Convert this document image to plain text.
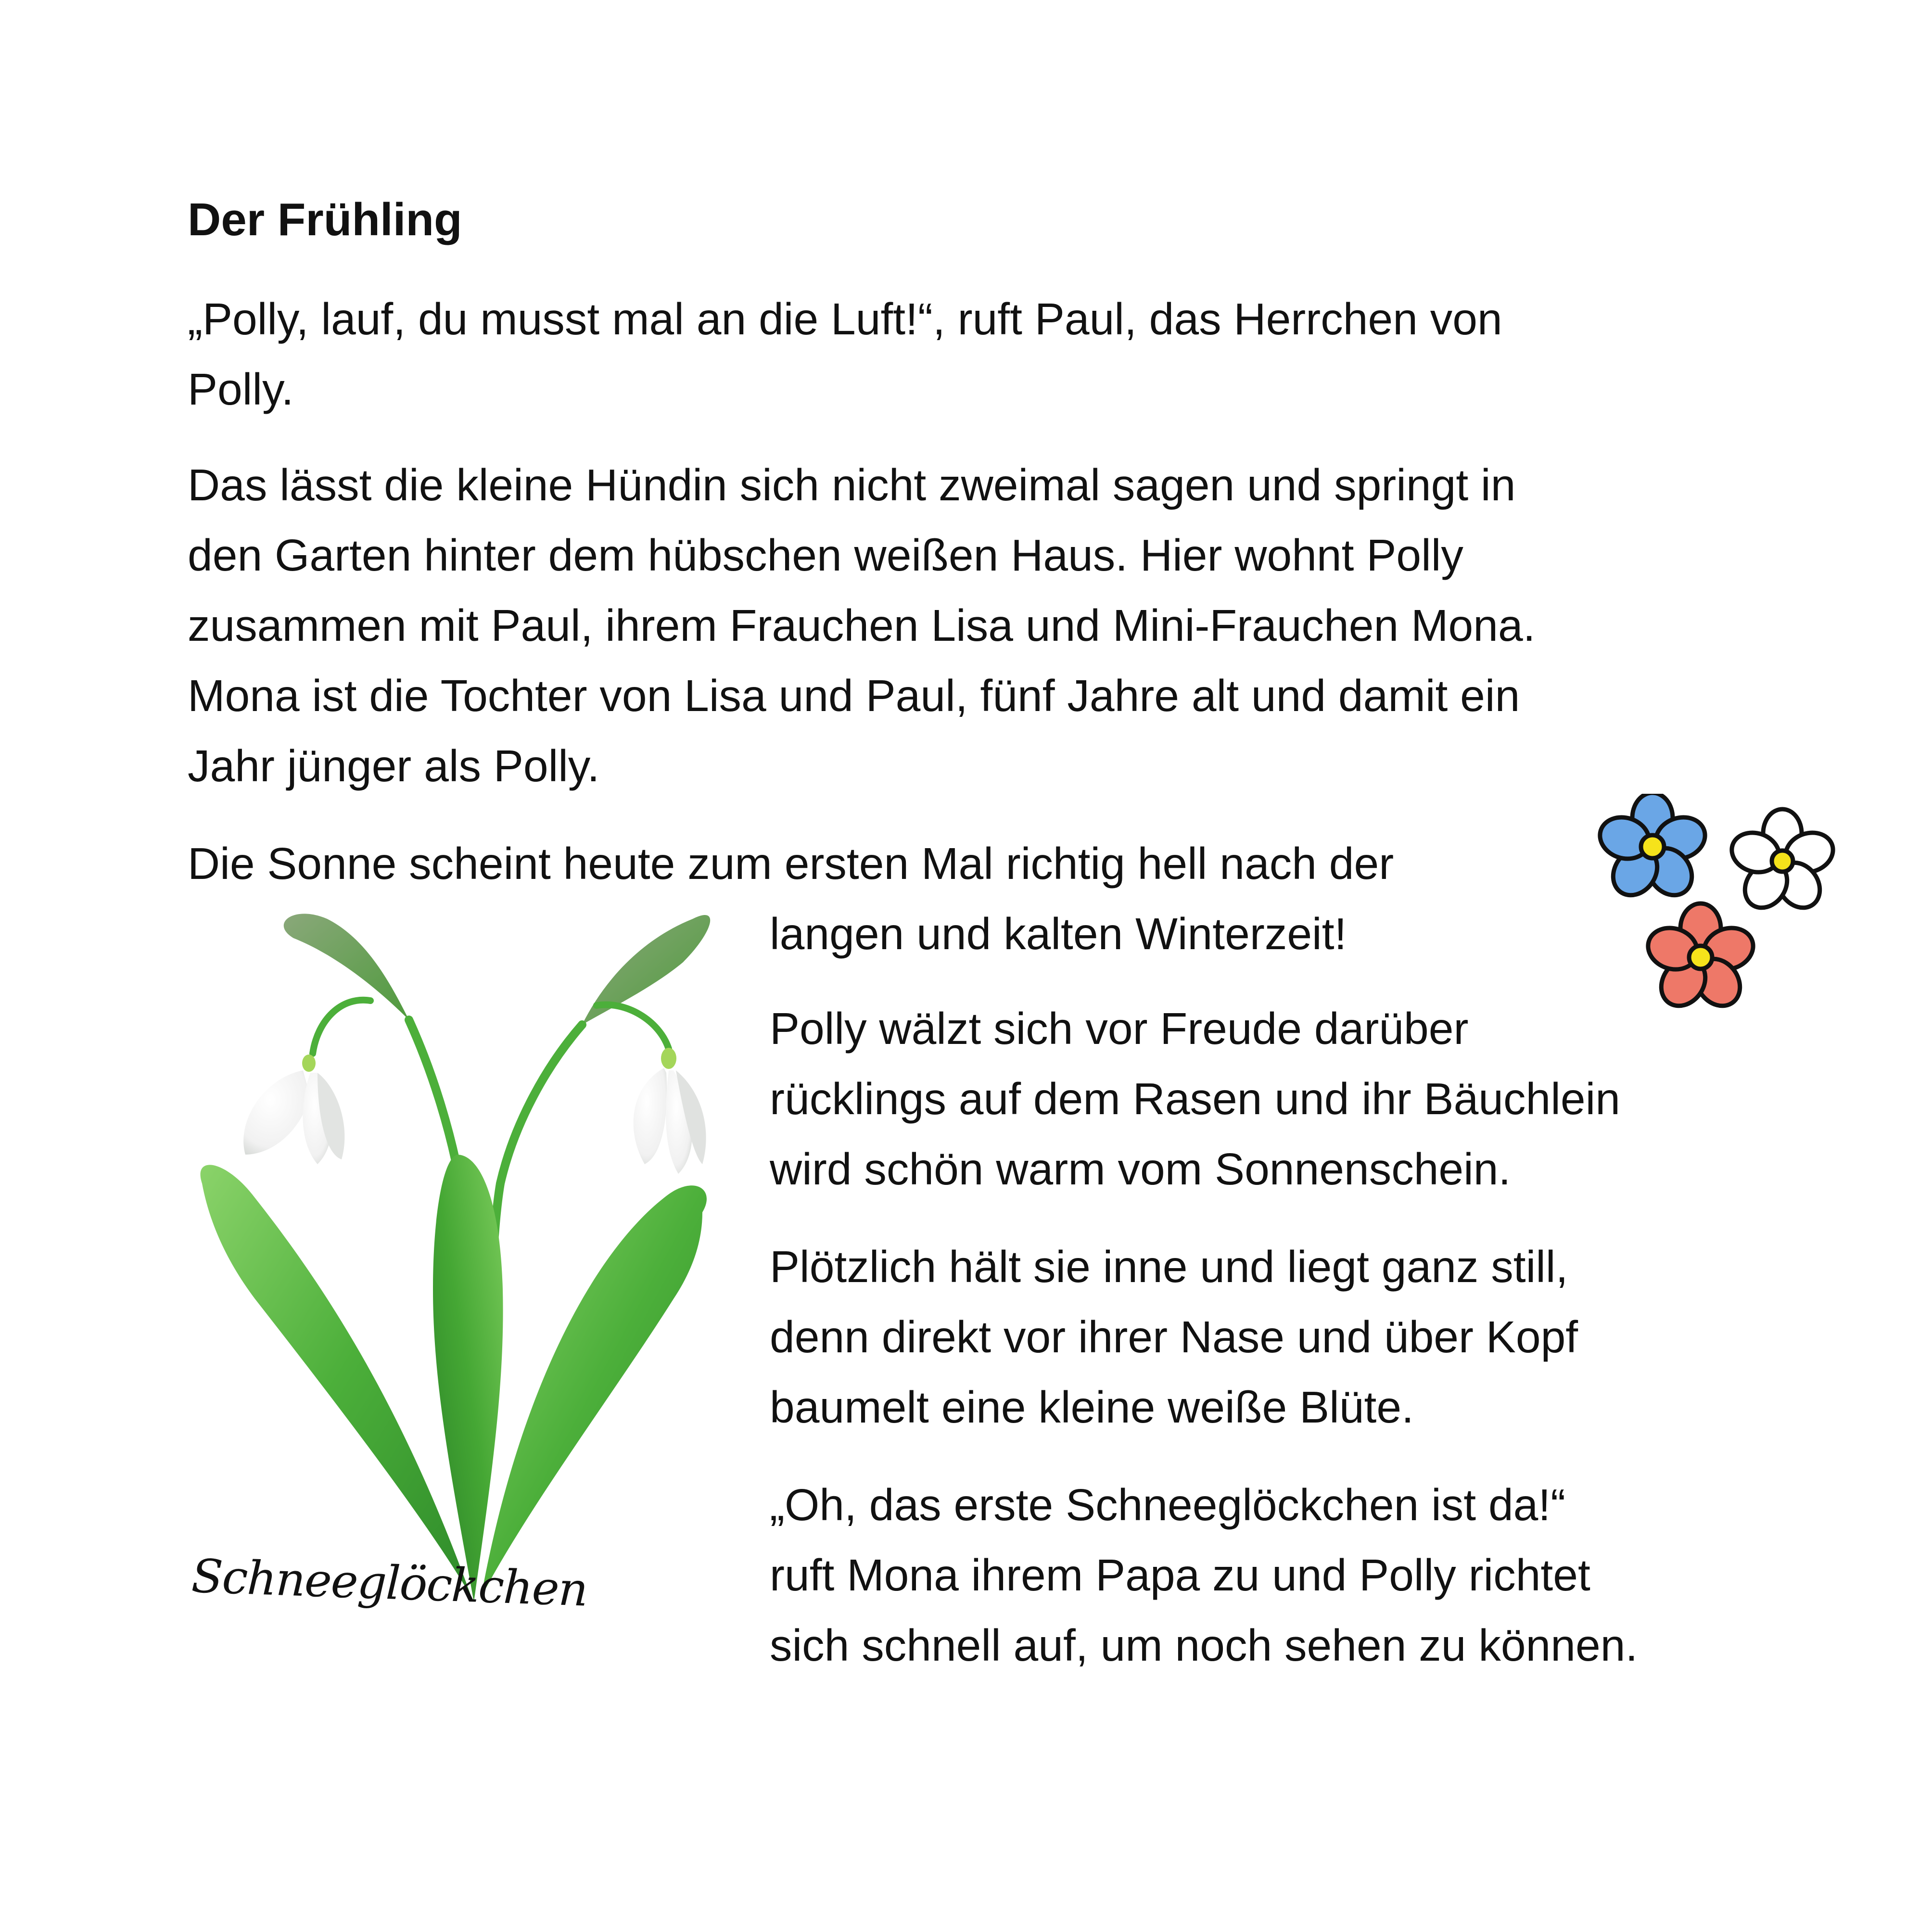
Der Frühling

„Polly, lauf, du musst mal an die Luft!“, ruft Paul, das Herrchen von
Polly.

Das lässt die kleine Hündin sich nicht zweimal sagen und springt in
den Garten hinter dem hübschen weißen Haus. Hier wohnt Polly
zusammen mit Paul, ihrem Frauchen Lisa und Mini-Frauchen Mona.
Mona ist die Tochter von Lisa und Paul, fünf Jahre alt und damit ein
Jahr jünger als Polly.

Die Sonne scheint heute zum ersten Mal richtig hell nach der

langen und kalten Winterzeit!

Polly wälzt sich vor Freude darüber
rücklings auf dem Rasen und ihr Bäuchlein
wird schön warm vom Sonnenschein.

Plötzlich hält sie inne und liegt ganz still,
denn direkt vor ihrer Nase und über Kopf
baumelt eine kleine weiße Blüte.

„Oh, das erste Schneeglöckchen ist da!“
ruft Mona ihrem Papa zu und Polly richtet
sich schnell auf, um noch sehen zu können.

Schneeglöckchen
